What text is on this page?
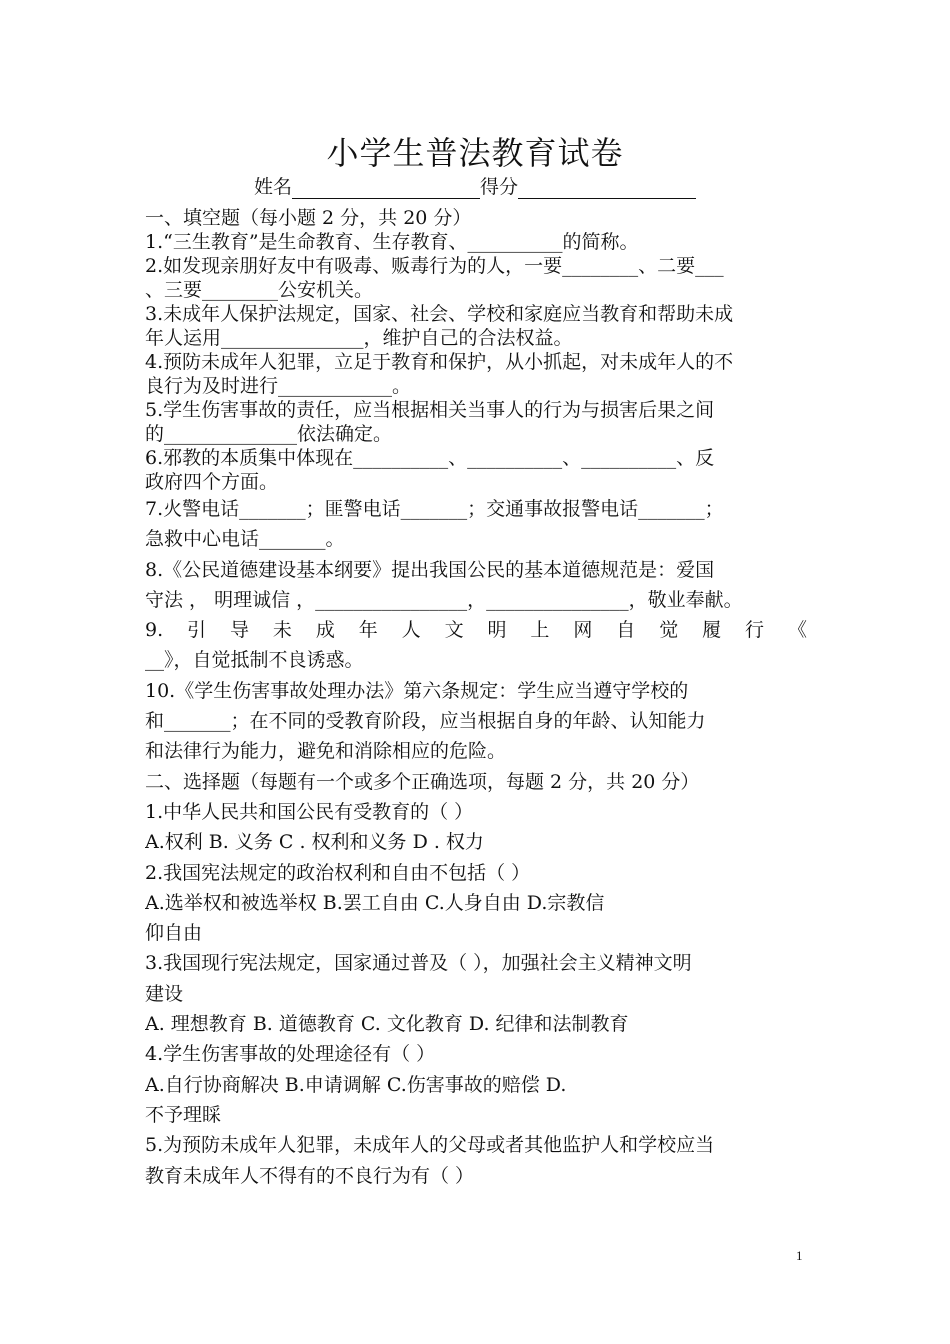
小学生普法教育试卷
姓名	得分
一、填空题（每小题 2 分，共 20 分）
1.“三生教育”是生命教育、生存教育、__________的简称。
2.如发现亲朋好友中有吸毒、贩毒行为的人，一要________、二要___
、三要________公安机关。
3.未成年人保护法规定，国家、社会、学校和家庭应当教育和帮助未成
年人运用_______________，维护自己的合法权益。
4.预防未成年人犯罪，立足于教育和保护，从小抓起，对未成年人的不
良行为及时进行____________。
5.学生伤害事故的责任，应当根据相关当事人的行为与损害后果之间
的______________依法确定。
6.邪教的本质集中体现在__________、__________、__________、反
政府四个方面。
7.火警电话_______；匪警电话_______；交通事故报警电话_______；
急救中心电话_______。
8.《公民道德建设基本纲要》提出我国公民的基本道德规范是：爱国
守法 ， 明理诚信 ，________________，_______________，敬业奉献。
9. 引 导 未 成 年 人 文 明 上 网 自 觉 履 行 《
__》，自觉抵制不良诱惑。
10.《学生伤害事故处理办法》第六条规定：学生应当遵守学校的
和_______；在不同的受教育阶段，应当根据自身的年龄、认知能力
和法律行为能力，避免和消除相应的危险。
二、选择题（每题有一个或多个正确选项，每题 2 分，共 20 分）
1.中华人民共和国公民有受教育的（ ）
A.权利 B. 义务 C . 权利和义务 D . 权力
2.我国宪法规定的政治权利和自由不包括（ ）
A.选举权和被选举权 B.罢工自由 C.人身自由 D.宗教信
仰自由
3.我国现行宪法规定，国家通过普及（ ），加强社会主义精神文明
建设
A. 理想教育 B. 道德教育 C. 文化教育 D. 纪律和法制教育
4.学生伤害事故的处理途径有（ ）
A.自行协商解决 B.申请调解 C.伤害事故的赔偿 D.
不予理睬
5.为预防未成年人犯罪，未成年人的父母或者其他监护人和学校应当
教育未成年人不得有的不良行为有（ ）
1
